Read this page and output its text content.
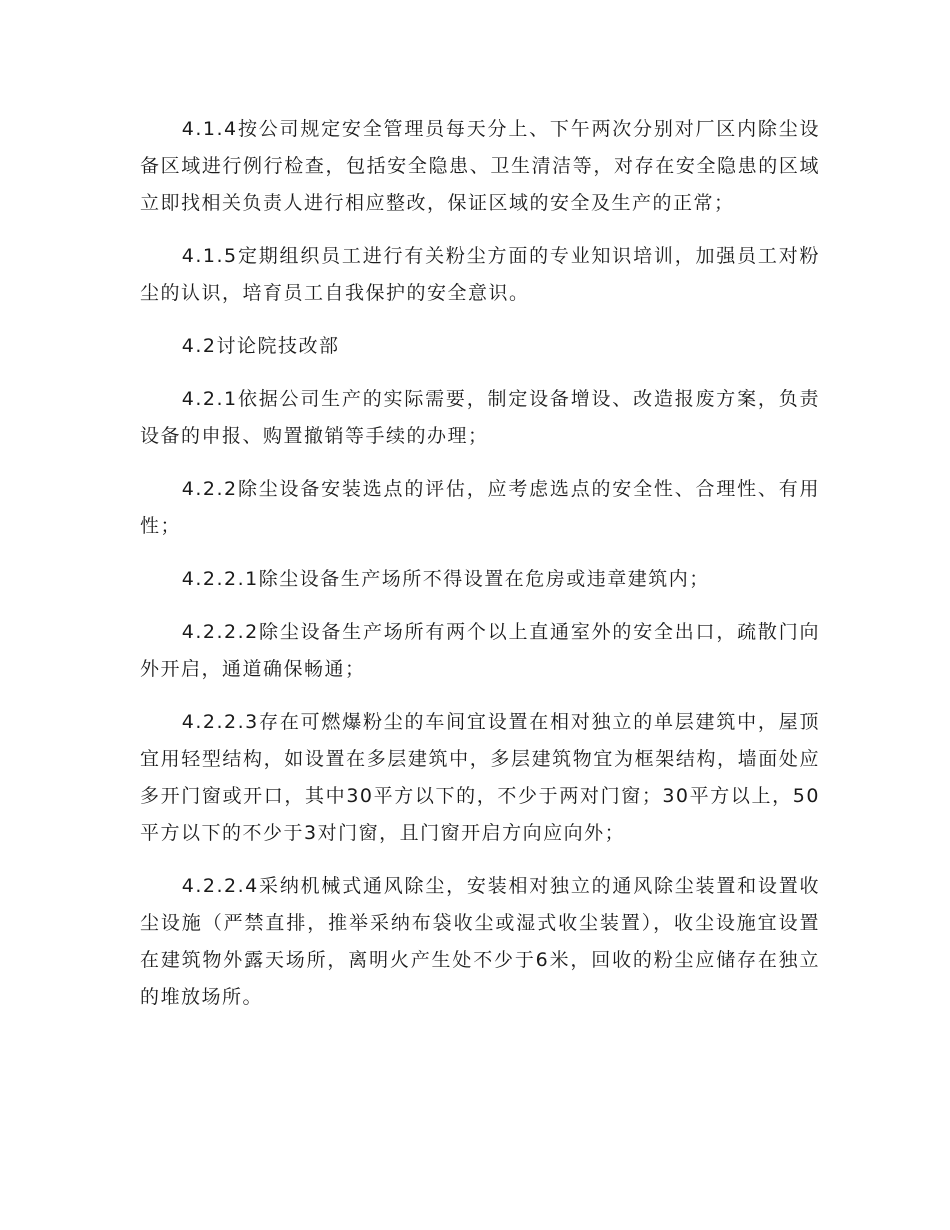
4.1.4按公司规定安全管理员每天分上、下午两次分别对厂区内除尘设备区域进行例行检查，包括安全隐患、卫生清洁等，对存在安全隐患的区域立即找相关负责人进行相应整改，保证区域的安全及生产的正常；

4.1.5定期组织员工进行有关粉尘方面的专业知识培训，加强员工对粉尘的认识，培育员工自我保护的安全意识。

4.2讨论院技改部

4.2.1依据公司生产的实际需要，制定设备增设、改造报废方案，负责设备的申报、购置撤销等手续的办理；

4.2.2除尘设备安装选点的评估，应考虑选点的安全性、合理性、有用性；

4.2.2.1除尘设备生产场所不得设置在危房或违章建筑内；

4.2.2.2除尘设备生产场所有两个以上直通室外的安全出口，疏散门向外开启，通道确保畅通；

4.2.2.3存在可燃爆粉尘的车间宜设置在相对独立的单层建筑中，屋顶宜用轻型结构，如设置在多层建筑中，多层建筑物宜为框架结构，墙面处应多开门窗或开口，其中30平方以下的，不少于两对门窗；30平方以上，50平方以下的不少于3对门窗，且门窗开启方向应向外；

4.2.2.4采纳机械式通风除尘，安装相对独立的通风除尘装置和设置收尘设施（严禁直排，推举采纳布袋收尘或湿式收尘装置），收尘设施宜设置在建筑物外露天场所，离明火产生处不少于6米，回收的粉尘应储存在独立的堆放场所。
